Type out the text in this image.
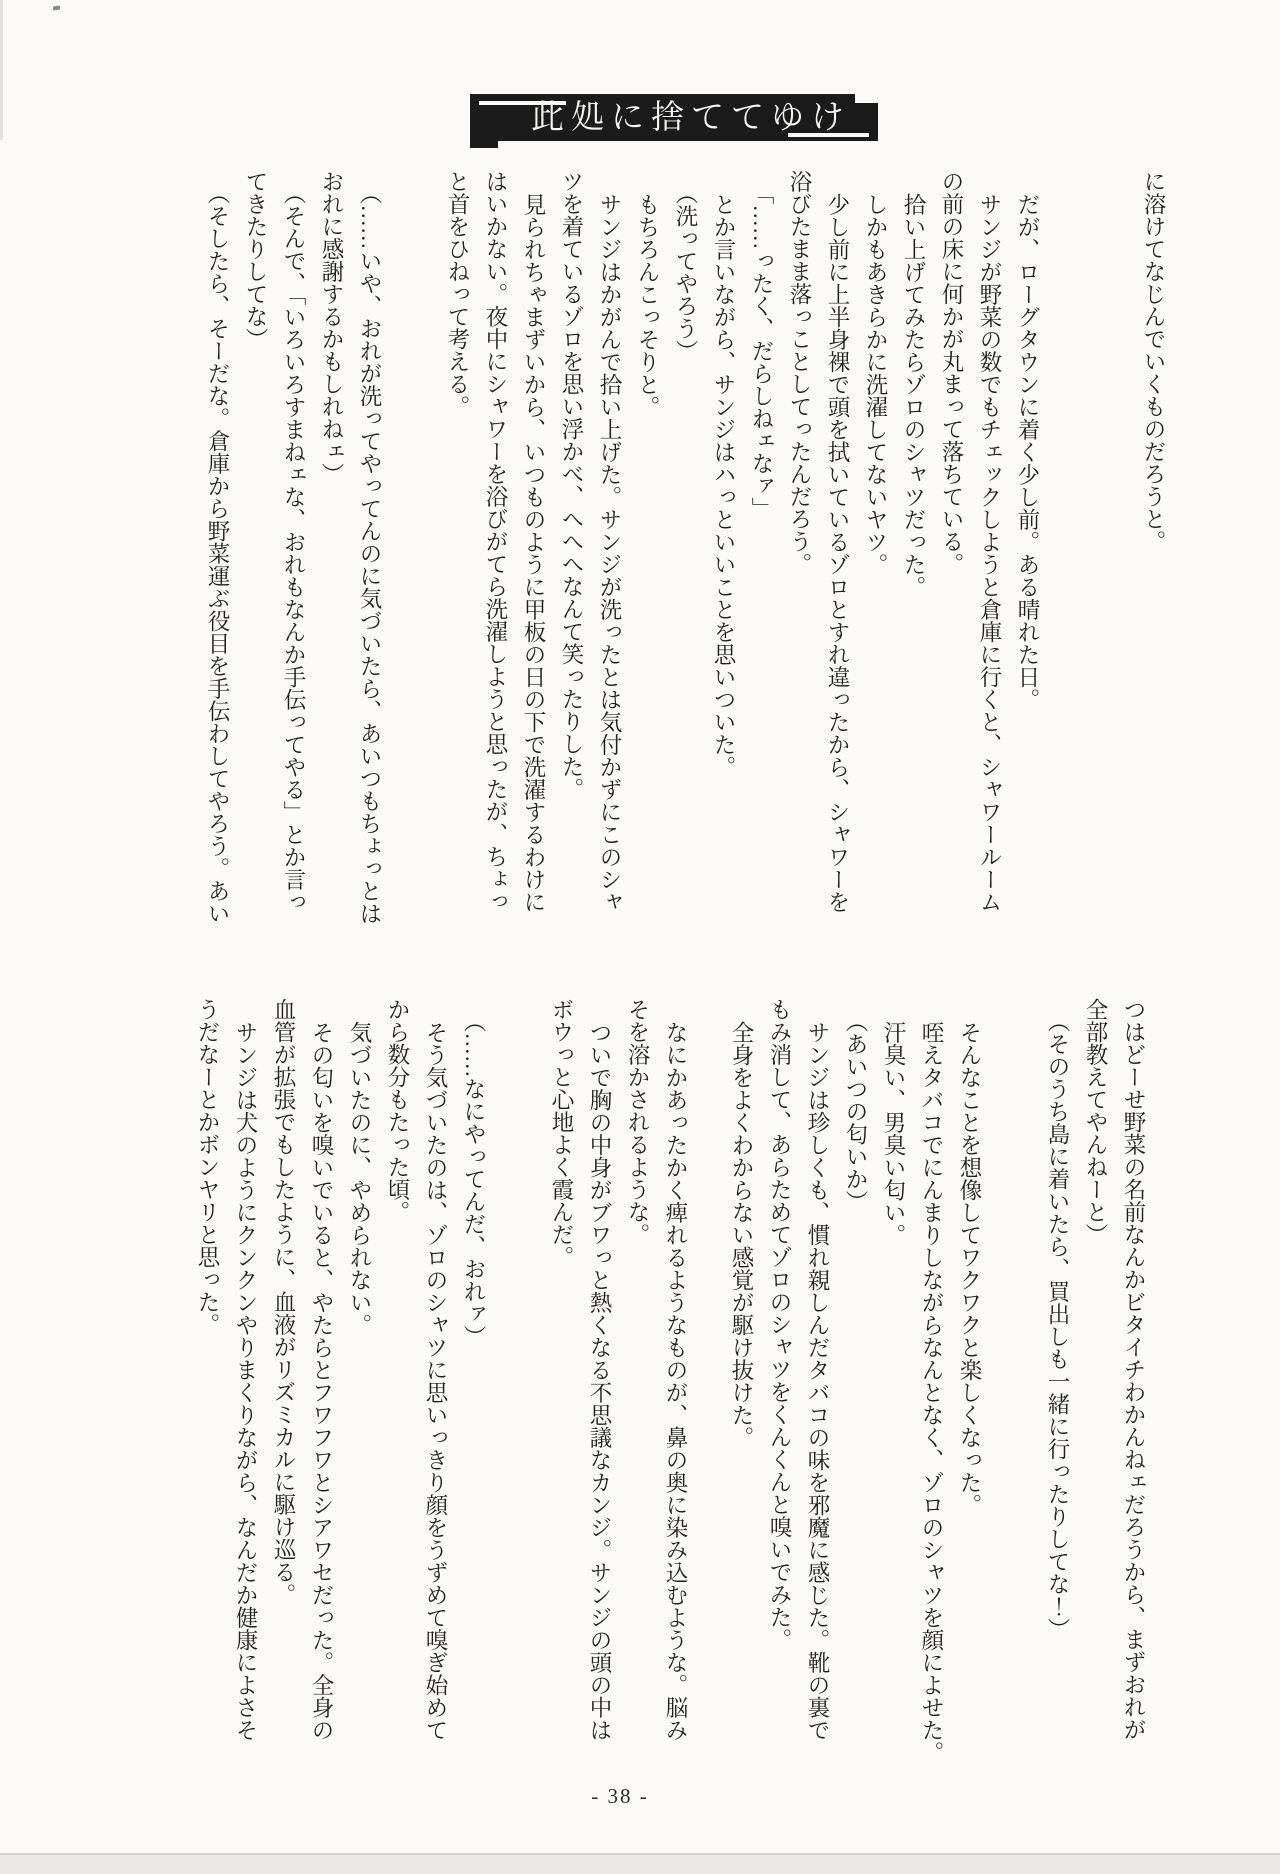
此処に捨ててゆけ
に溶けてなじんでいくものだろうと。
だが、ローグタウンに着く少し前。ある晴れた日。
サンジが野菜の数でもチェックしようと倉庫に行くと、シャワールーム
の前の床に何かが丸まって落ちている。
拾い上げてみたらゾロのシャツだった。
しかもあきらかに洗濯してないヤツ。
少し前に上半身裸で頭を拭いているゾロとすれ違ったから、シャワーを
浴びたまま落っことしてったんだろう。
「……ったく、だらしねェなァ」
とか言いながら、サンジはハっといいことを思いついた。
（洗ってやろう）
もちろんこっそりと。
サンジはかがんで拾い上げた。サンジが洗ったとは気付かずにこのシャ
ツを着ているゾロを思い浮かべ、へへへなんて笑ったりした。
見られちゃまずいから、いつものように甲板の日の下で洗濯するわけに
はいかない。夜中にシャワーを浴びがてら洗濯しようと思ったが、ちょっ
と首をひねって考える。
（……いや、おれが洗ってやってんのに気づいたら、あいつもちょっとは
おれに感謝するかもしれねェ）
（そんで、「いろいろすまねェな、おれもなんか手伝ってやる」とか言っ
てきたりしてな）
（そしたら、そーだな。倉庫から野菜運ぶ役目を手伝わしてやろう。あい
つはどーせ野菜の名前なんかビタイチわかんねェだろうから、まずおれが
全部教えてやんねーと）
（そのうち島に着いたら、買出しも一緒に行ったりしてな！）
そんなことを想像してワクワクと楽しくなった。
咥えタバコでにんまりしながらなんとなく、ゾロのシャツを顔によせた。
汗臭い、男臭い匂い。
（あいつの匂いか）
サンジは珍しくも、慣れ親しんだタバコの味を邪魔に感じた。靴の裏で
もみ消して、あらためてゾロのシャツをくんくんと嗅いでみた。
全身をよくわからない感覚が駆け抜けた。
なにかあったかく痺れるようなものが、鼻の奥に染み込むような。脳み
そを溶かされるような。
ついで胸の中身がブワっと熱くなる不思議なカンジ。サンジの頭の中は
ボウっと心地よく霞んだ。
（……なにやってんだ、おれァ）
そう気づいたのは、ゾロのシャツに思いっきり顔をうずめて嗅ぎ始めて
から数分もたった頃。
気づいたのに、やめられない。
その匂いを嗅いでいると、やたらとフワフワとシアワセだった。全身の
血管が拡張でもしたように、血液がリズミカルに駆け巡る。
サンジは犬のようにクンクンやりまくりながら、なんだか健康によさそ
うだなーとかボンヤリと思った。
- 38 -
